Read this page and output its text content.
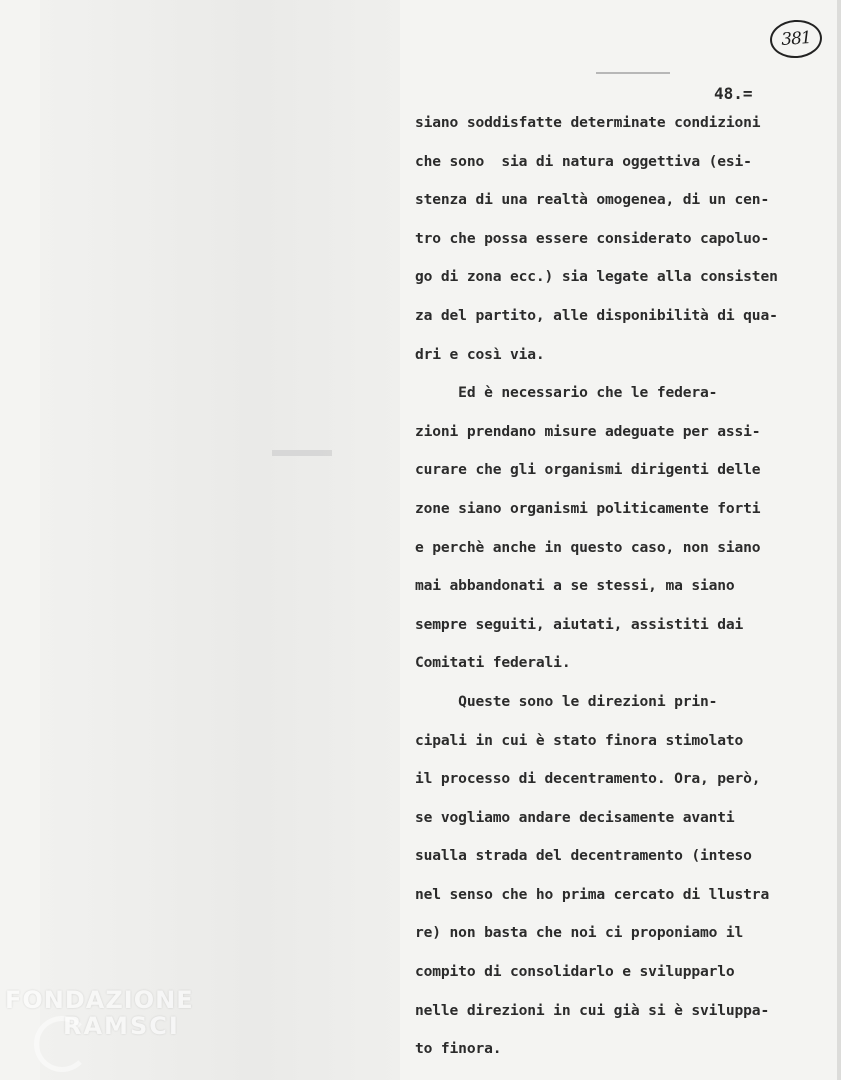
381
48.=
siano soddisfatte determinate condizioni
che sono  sia di natura oggettiva (esi-
stenza di una realtà omogenea, di un cen-
tro che possa essere considerato capoluo-
go di zona ecc.) sia legate alla consisten
za del partito, alle disponibilità di qua-
dri e così via.
Ed è necessario che le federa-
zioni prendano misure adeguate per assi-
curare che gli organismi dirigenti delle
zone siano organismi politicamente forti
e perchè anche in questo caso, non siano
mai abbandonati a se stessi, ma siano
sempre seguiti, aiutati, assistiti dai
Comitati federali.
Queste sono le direzioni prin-
cipali in cui è stato finora stimolato
il processo di decentramento. Ora, però,
se vogliamo andare decisamente avanti
sualla strada del decentramento (inteso
nel senso che ho prima cercato di llustra
re) non basta che noi ci proponiamo il
compito di consolidarlo e svilupparlo
nelle direzioni in cui già si è sviluppa-
to finora.
FONDAZIONE
RAMSCI
